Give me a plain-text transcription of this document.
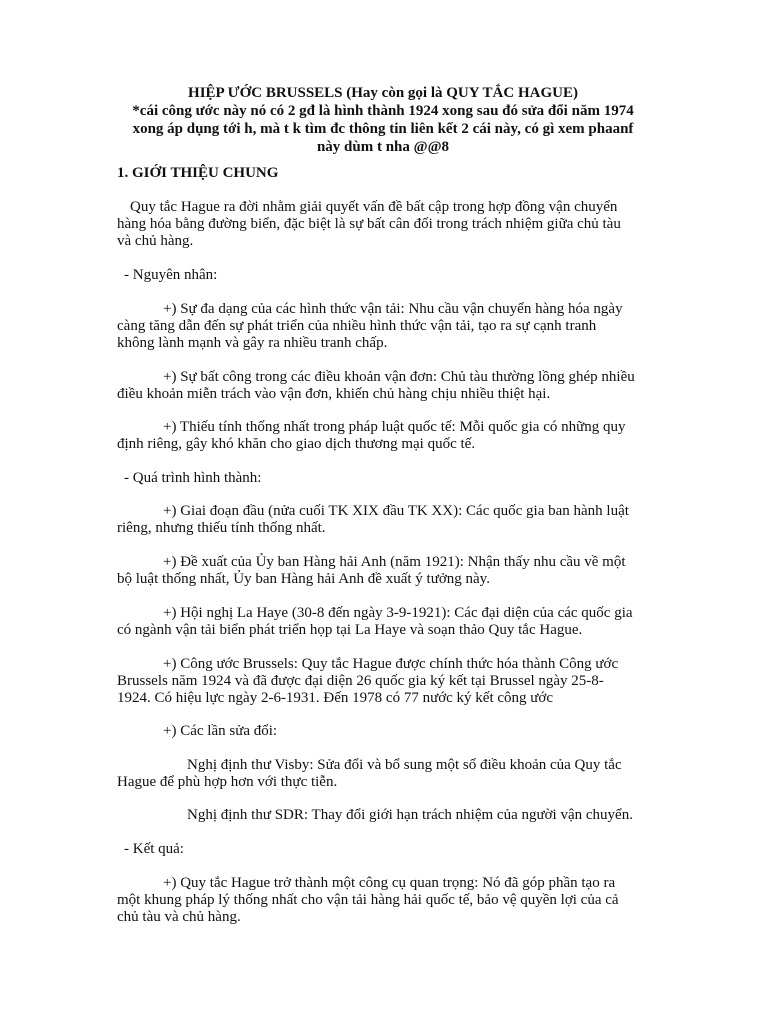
HIỆP ƯỚC BRUSSELS (Hay còn gọi là QUY TẮC HAGUE)
*cái công ước này nó có 2 gđ là hình thành 1924 xong sau đó sửa đổi năm 1974
xong áp dụng tới h, mà t k tìm đc thông tin liên kết 2 cái này, có gì xem phaanf
này dùm t nha @@8
1. GIỚI THIỆU CHUNG
Quy tắc Hague ra đời nhằm giải quyết vấn đề bất cập trong hợp đồng vận chuyển
hàng hóa bằng đường biển, đặc biệt là sự bất cân đối trong trách nhiệm giữa chủ tàu
và chủ hàng.
- Nguyên nhân:
+) Sự đa dạng của các hình thức vận tải: Nhu cầu vận chuyển hàng hóa ngày
càng tăng dẫn đến sự phát triển của nhiều hình thức vận tải, tạo ra sự cạnh tranh
không lành mạnh và gây ra nhiều tranh chấp.
+) Sự bất công trong các điều khoản vận đơn: Chủ tàu thường lồng ghép nhiều
điều khoản miễn trách vào vận đơn, khiến chủ hàng chịu nhiều thiệt hại.
+) Thiếu tính thống nhất trong pháp luật quốc tế: Mỗi quốc gia có những quy
định riêng, gây khó khăn cho giao dịch thương mại quốc tế.
- Quá trình hình thành:
+) Giai đoạn đầu (nửa cuối TK XIX đầu TK XX): Các quốc gia ban hành luật
riêng, nhưng thiếu tính thống nhất.
+) Đề xuất của Ủy ban Hàng hải Anh (năm 1921): Nhận thấy nhu cầu về một
bộ luật thống nhất, Ủy ban Hàng hải Anh đề xuất ý tưởng này.
+) Hội nghị La Haye (30-8 đến ngày 3-9-1921): Các đại diện của các quốc gia
có ngành vận tải biển phát triển họp tại La Haye và soạn thảo Quy tắc Hague.
+) Công ước Brussels: Quy tắc Hague được chính thức hóa thành Công ước
Brussels năm 1924 và đã được đại diện 26 quốc gia ký kết tại Brussel ngày 25-8-
1924. Có hiệu lực ngày 2-6-1931. Đến 1978 có 77 nước ký kết công ước
+) Các lần sửa đổi:
Nghị định thư Visby: Sửa đổi và bổ sung một số điều khoản của Quy tắc
Hague để phù hợp hơn với thực tiễn.
Nghị định thư SDR: Thay đổi giới hạn trách nhiệm của người vận chuyển.
- Kết quả:
+) Quy tắc Hague trở thành một công cụ quan trọng: Nó đã góp phần tạo ra
một khung pháp lý thống nhất cho vận tải hàng hải quốc tế, bảo vệ quyền lợi của cả
chủ tàu và chủ hàng.
